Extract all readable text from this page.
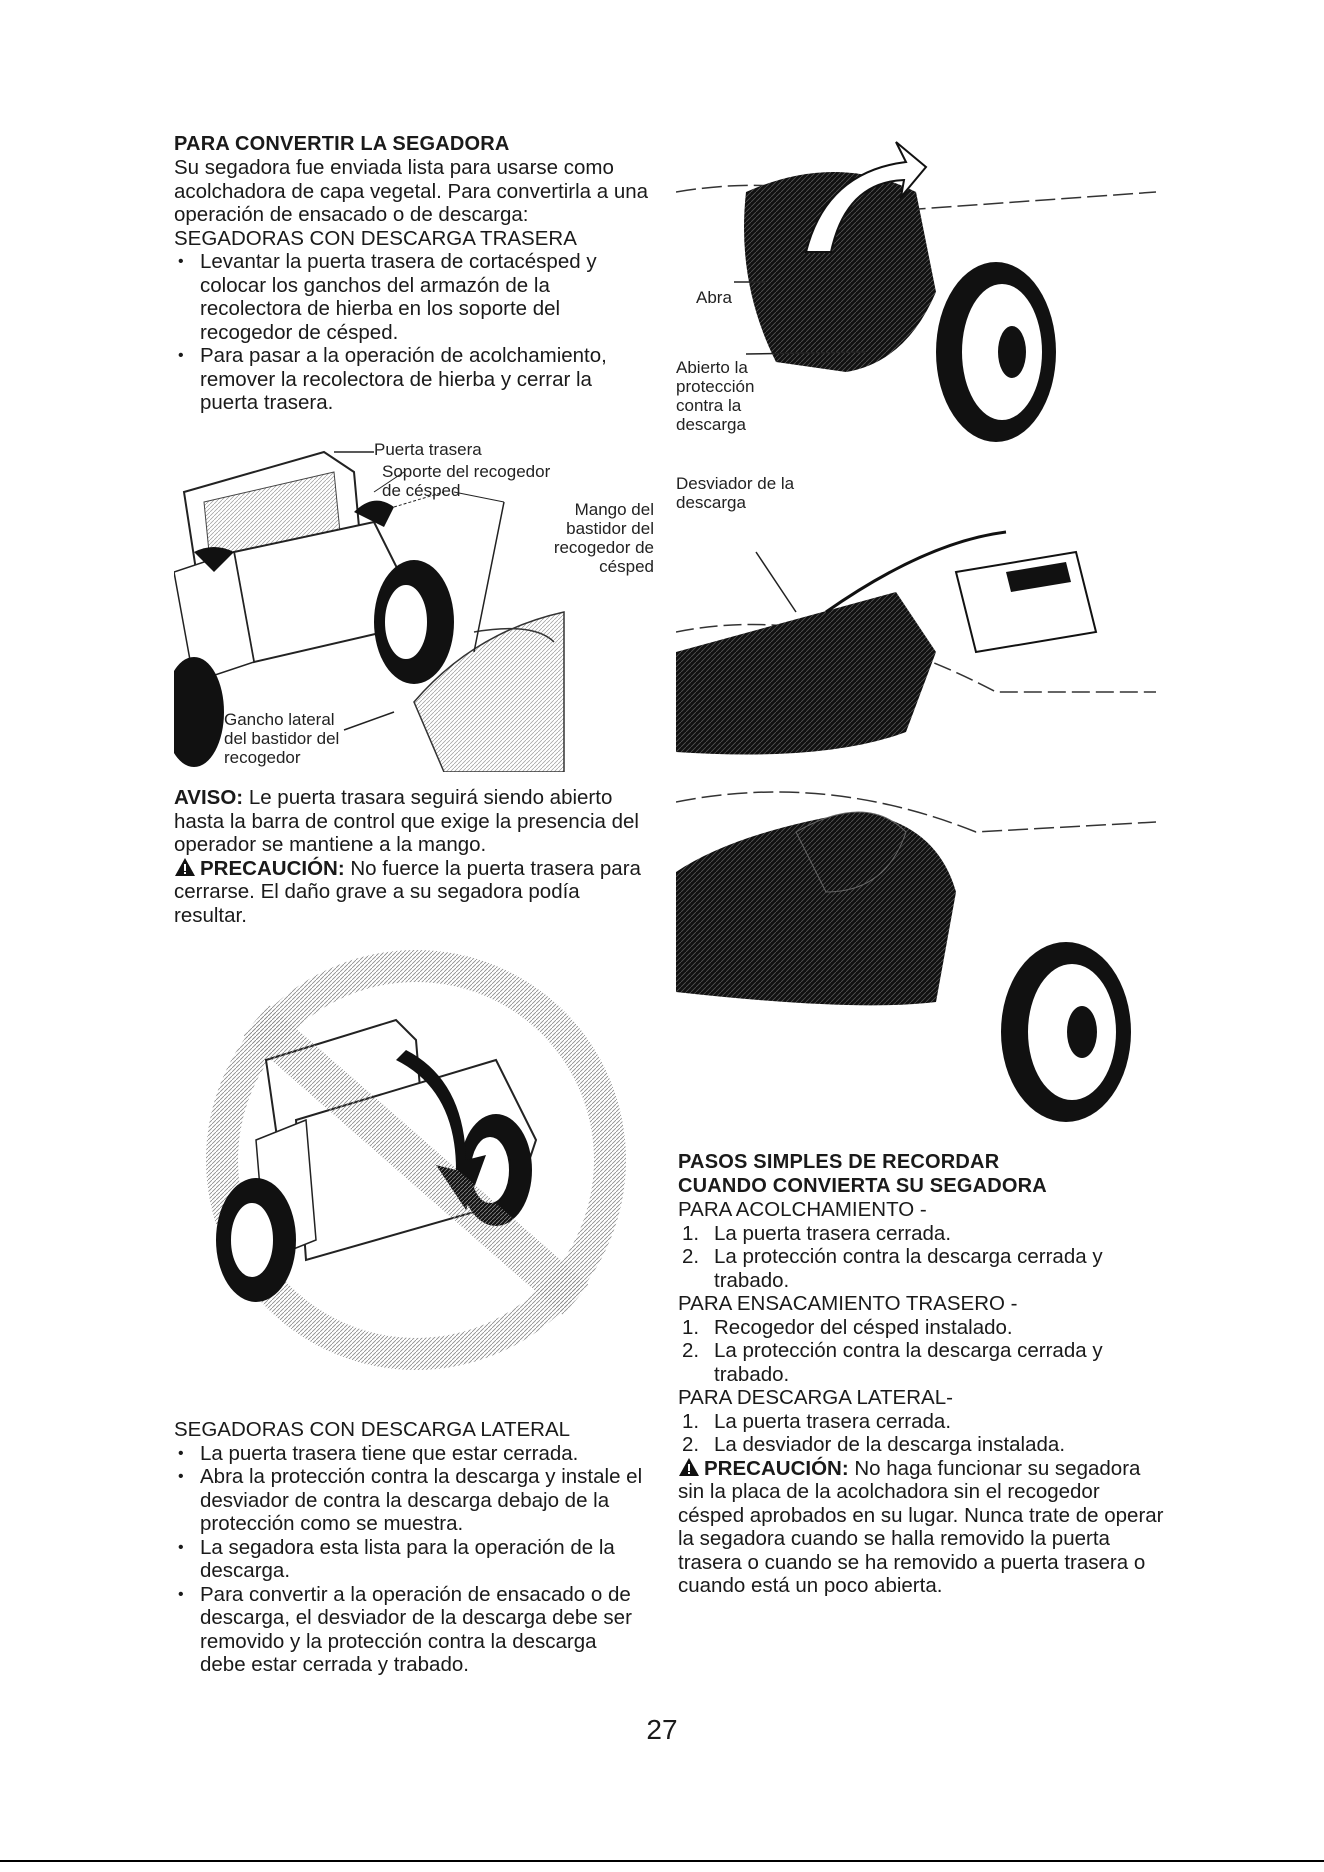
PARA CONVERTIR LA SEGADORA

Su segadora fue enviada lista para usarse como acolchadora de capa vegetal. Para convertirla a una operación de ensacado o de descarga:

SEGADORAS CON DESCARGA TRASERA

• Levantar la puerta trasera de cortacésped y colocar los ganchos del armazón de la recolectora de hierba en los soporte del recogedor de césped.
• Para pasar a la operación de acolchamiento, remover la recolectora de hierba y cerrar la puerta trasera.
Puerta trasera
Soporte del recogedor de césped
Mango del bastidor del recogedor de césped
Gancho lateral del bastidor del recogedor

AVISO: Le puerta trasara seguirá siendo abierto hasta la barra de control que exige la presencia del operador se mantiene a la mango.

PRECAUCIÓN: No fuerce la puerta trasera para cerrarse. El daño grave a su segadora podía resultar.

SEGADORAS CON DESCARGA LATERAL

• La puerta trasera tiene que estar cerrada.
• Abra la protección contra la descarga y instale el desviador de contra la descarga debajo de la protección como se muestra.
• La segadora esta lista para la operación de la descarga.
• Para convertir a la operación de ensacado o de descarga, el desviador de la descarga debe ser removido y la protección contra la descarga debe estar cerrada y trabado.
Abra
Abierto la protección contra la descarga
Desviador de la descarga
PASOS SIMPLES DE RECORDAR
CUANDO CONVIERTA SU SEGADORA

PARA ACOLCHAMIENTO -

1. La puerta trasera cerrada.
2. La protección contra la descarga cerrada y trabado.

PARA ENSACAMIENTO TRASERO -

1. Recogedor del césped instalado.
2. La protección contra la descarga cerrada y trabado.

PARA DESCARGA LATERAL-

1. La puerta trasera cerrada.
2. La desviador de la descarga instalada.

PRECAUCIÓN: No haga funcionar su segadora sin la placa de la acolchadora sin el recogedor césped aprobados en su lugar. Nunca trate de operar la segadora cuando se halla removido la puerta trasera o cuando se ha removido a puerta trasera o cuando está un poco abierta.

27
